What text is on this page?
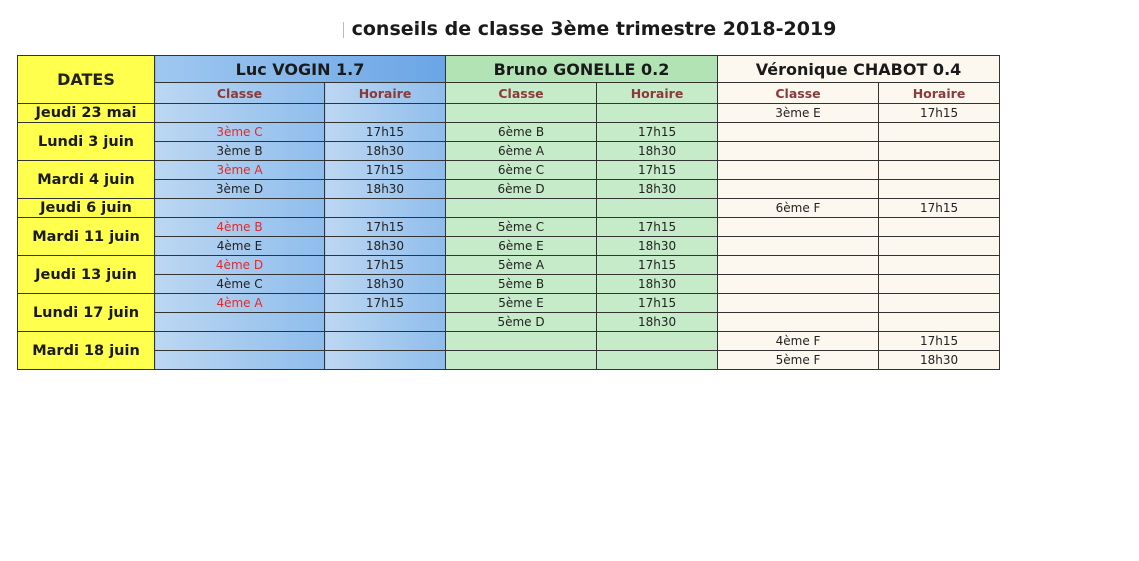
conseils de classe 3ème trimestre 2018-2019
DATES	Luc VOGIN 1.7		Bruno GONELLE 0.2		Véronique CHABOT 0.4	
	Classe	Horaire	Classe	Horaire	Classe	Horaire
Jeudi 23 mai					3ème E	17h15
Lundi 3 juin	3ème C	17h15	6ème B	17h15		
	3ème B	18h30	6ème A	18h30		
Mardi 4 juin	3ème A	17h15	6ème C	17h15		
	3ème D	18h30	6ème D	18h30		
Jeudi 6 juin					6ème F	17h15
Mardi 11 juin	4ème B	17h15	5ème C	17h15		
	4ème E	18h30	6ème E	18h30		
Jeudi 13 juin	4ème D	17h15	5ème A	17h15		
	4ème C	18h30	5ème B	18h30		
Lundi 17 juin	4ème A	17h15	5ème E	17h15		
			5ème D	18h30		
Mardi 18 juin					4ème F	17h15
					5ème F	18h30
